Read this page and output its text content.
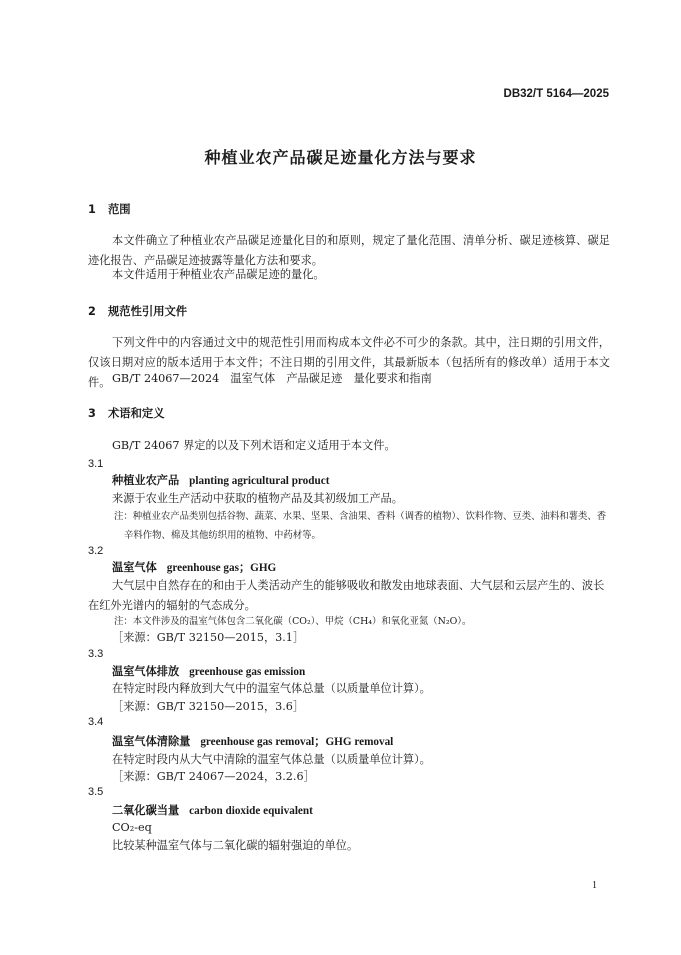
DB32/T 5164—2025
种植业农产品碳足迹量化方法与要求
1 范围
本文件确立了种植业农产品碳足迹量化目的和原则，规定了量化范围、清单分析、碳足迹核算、碳足迹化报告、产品碳足迹披露等量化方法和要求。
本文件适用于种植业农产品碳足迹的量化。
2 规范性引用文件
下列文件中的内容通过文中的规范性引用而构成本文件必不可少的条款。其中，注日期的引用文件，仅该日期对应的版本适用于本文件；不注日期的引用文件，其最新版本（包括所有的修改单）适用于本文件。 GB/T 24067—2024　温室气体　产品碳足迹　量化要求和指南
3 术语和定义
GB/T 24067 界定的以及下列术语和定义适用于本文件。
3.1
种植业农产品 planting agricultural product
来源于农业生产活动中获取的植物产品及其初级加工产品。
注：种植业农产品类别包括谷物、蔬菜、水果、坚果、含油果、香料（调香的植物）、饮料作物、豆类、油料和薯类、香辛料作物、棉及其他纺织用的植物、中药材等。
3.2
温室气体 greenhouse gas；GHG
大气层中自然存在的和由于人类活动产生的能够吸收和散发由地球表面、大气层和云层产生的、波长在红外光谱内的辐射的气态成分。
注：本文件涉及的温室气体包含二氧化碳（CO₂）、甲烷（CH₄）和氧化亚氮（N₂O）。
［来源：GB/T 32150—2015，3.1］
3.3
温室气体排放 greenhouse gas emission
在特定时段内释放到大气中的温室气体总量（以质量单位计算）。
［来源：GB/T 32150—2015，3.6］
3.4
温室气体清除量 greenhouse gas removal；GHG removal
在特定时段内从大气中清除的温室气体总量（以质量单位计算）。
［来源：GB/T 24067—2024，3.2.6］
3.5
二氧化碳当量 carbon dioxide equivalent
CO₂-eq
比较某种温室气体与二氧化碳的辐射强迫的单位。
1
